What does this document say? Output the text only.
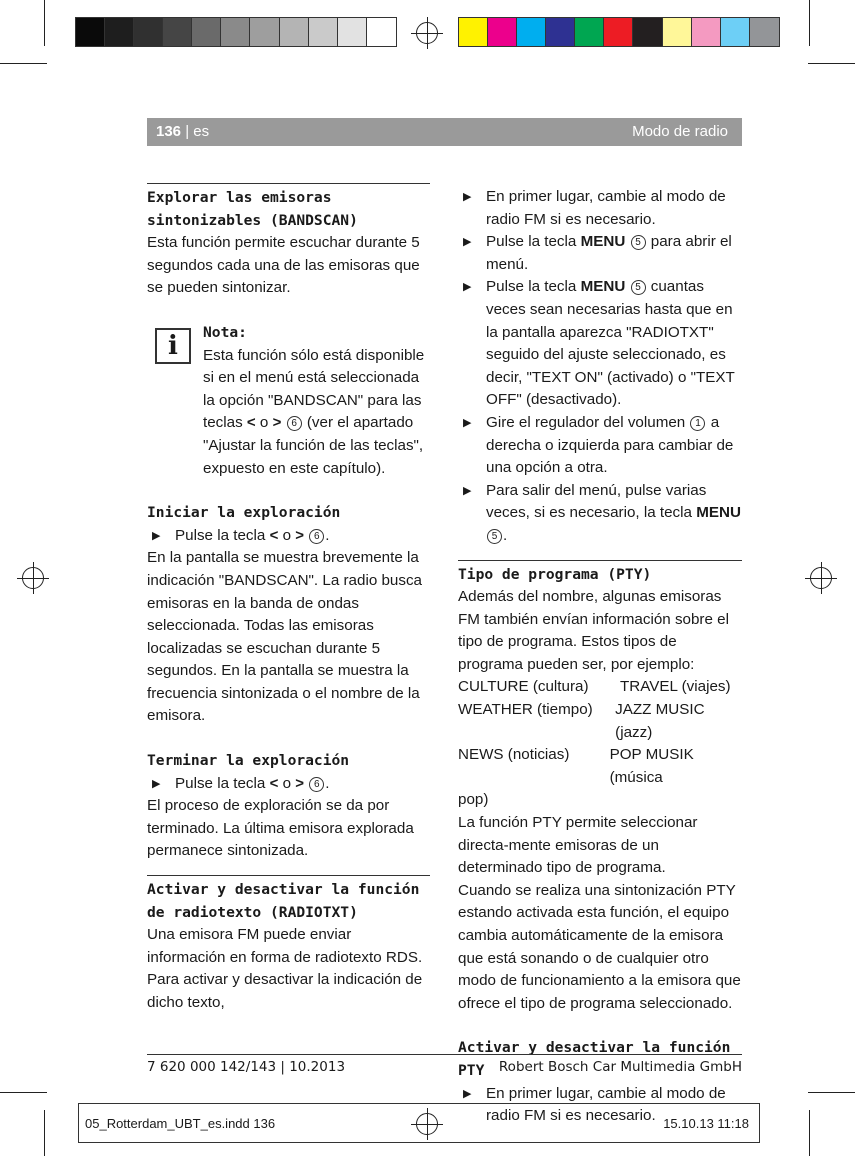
136 | es	Modo de radio

Explorar las emisoras sintonizables (BANDSCAN)

Esta función permite escuchar durante 5 segundos cada una de las emisoras que se pueden sintonizar.

i	Nota:

Esta función sólo está disponible si en el menú está seleccionada la opción "BANDSCAN" para las teclas < o > 6 (ver el apartado "Ajustar la función de las teclas", expuesto en este capítulo).

Iniciar la exploración

▶ Pulse la tecla < o > 6 .

En la pantalla se muestra brevemente la indicación "BANDSCAN". La radio busca emisoras en la banda de ondas seleccionada. Todas las emisoras localizadas se escuchan durante 5 segundos. En la pantalla se muestra la frecuencia sintonizada o el nombre de la emisora.

Terminar la exploración

▶ Pulse la tecla < o > 6 .

El proceso de exploración se da por terminado. La última emisora explorada permanece sintonizada.

Activar y desactivar la función de radiotexto (RADIOTXT)

Una emisora FM puede enviar información en forma de radiotexto RDS.

Para activar y desactivar la indicación de dicho texto,

▶ En primer lugar, cambie al modo de radio FM si es necesario.
▶ Pulse la tecla MENU 5 para abrir el menú.
▶ Pulse la tecla MENU 5 cuantas veces sean necesarias hasta que en la pantalla aparezca "RADIOTXT" seguido del ajuste seleccionado, es decir, "TEXT ON" (activado) o "TEXT OFF" (desactivado).
▶ Gire el regulador del volumen 1 a derecha o izquierda para cambiar de una opción a otra.
▶ Para salir del menú, pulse varias veces, si es necesario, la tecla MENU 5 .

Tipo de programa (PTY)

Además del nombre, algunas emisoras FM también envían información sobre el tipo de programa. Estos tipos de programa pueden ser, por ejemplo:

CULTURE (cultura)	TRAVEL (viajes)
WEATHER (tiempo)	JAZZ MUSIC (jazz)
NEWS (noticias)	POP MUSIK (música

pop)

La función PTY permite seleccionar directa-mente emisoras de un determinado tipo de programa.

Cuando se realiza una sintonización PTY estando activada esta función, el equipo cambia automáticamente de la emisora que está sonando o de cualquier otro modo de funcionamiento a la emisora que ofrece el tipo de programa seleccionado.

Activar y desactivar la función PTY

▶ En primer lugar, cambie al modo de radio FM si es necesario.
7 620 000 142/143 | 10.2013	Robert Bosch Car Multimedia GmbH
05_Rotterdam_UBT_es.indd 136	15.10.13 11:18
